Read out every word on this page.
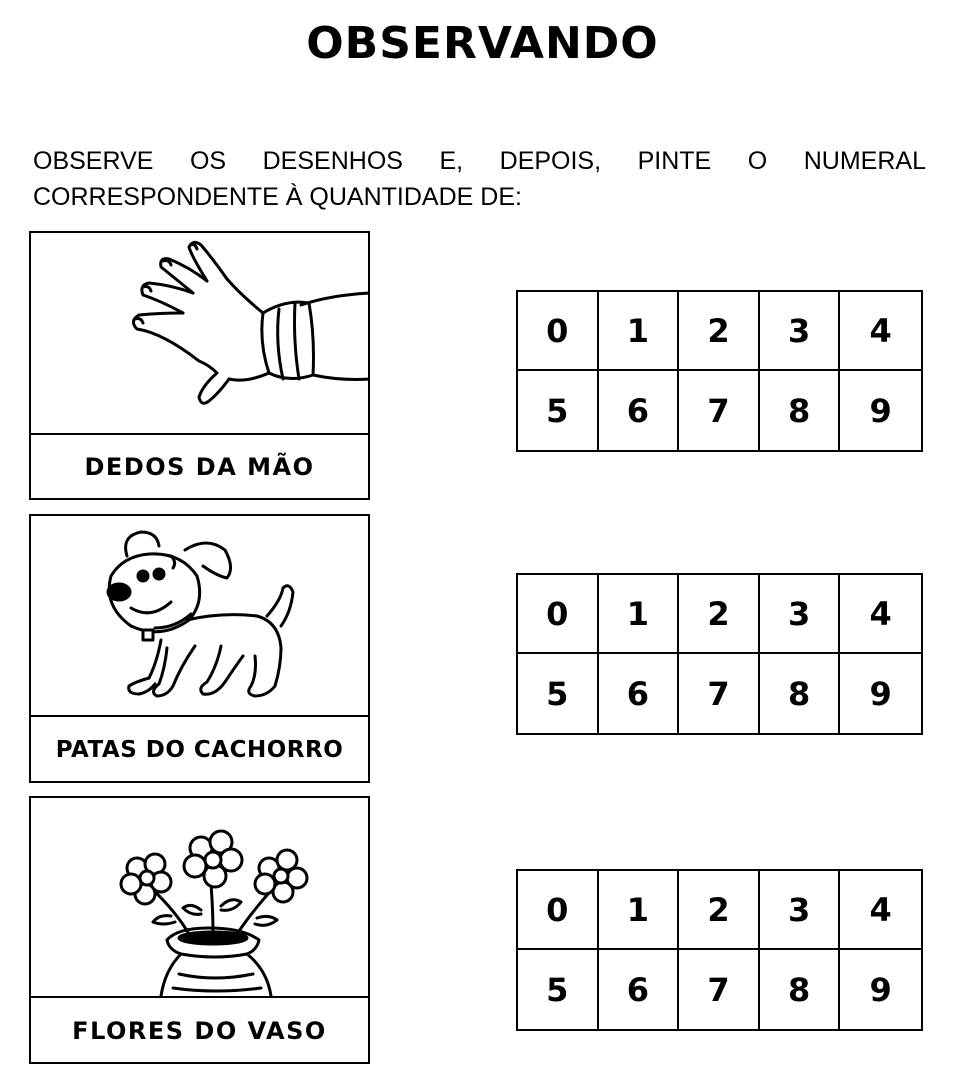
OBSERVANDO

OBSERVE OS DESENHOS E, DEPOIS, PINTE O NUMERAL

CORRESPONDENTE À QUANTIDADE DE:

DEDOS DA MÃO
PATAS DO CACHORRO
FLORES DO VASO
0	1	2	3	4
5	6	7	8	9
0	1	2	3	4
5	6	7	8	9
0	1	2	3	4
5	6	7	8	9
